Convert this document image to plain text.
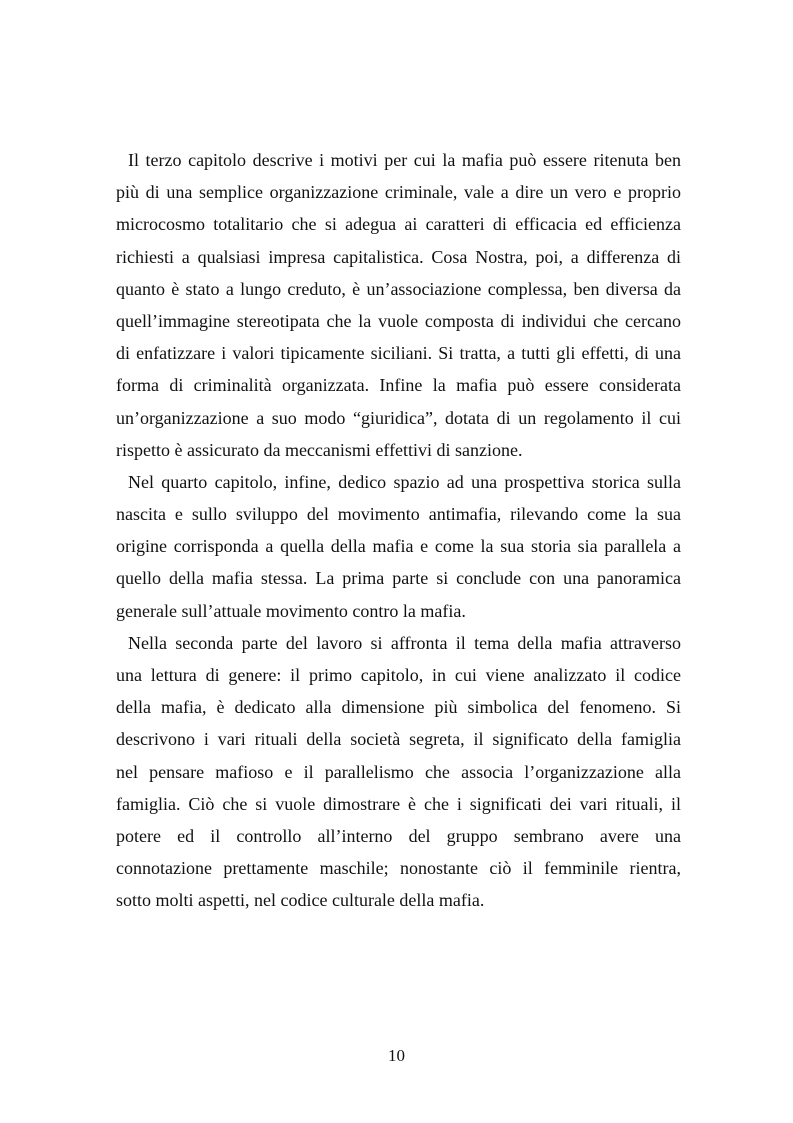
Il terzo capitolo descrive i motivi per cui la mafia può essere ritenuta ben
più di una semplice organizzazione criminale, vale a dire un vero e proprio
microcosmo totalitario che si adegua ai caratteri di efficacia ed efficienza
richiesti a qualsiasi impresa capitalistica. Cosa Nostra, poi, a differenza di
quanto è stato a lungo creduto, è un’associazione complessa, ben diversa da
quell’immagine stereotipata che la vuole composta di individui che cercano
di enfatizzare i valori tipicamente siciliani. Si tratta, a tutti gli effetti, di una
forma di criminalità organizzata. Infine la mafia può essere considerata
un’organizzazione a suo modo “giuridica”, dotata di un regolamento il cui
rispetto è assicurato da meccanismi effettivi di sanzione.

Nel quarto capitolo, infine, dedico spazio ad una prospettiva storica sulla
nascita e sullo sviluppo del movimento antimafia, rilevando come la sua
origine corrisponda a quella della mafia e come la sua storia sia parallela a
quello della mafia stessa. La prima parte si conclude con una panoramica
generale sull’attuale movimento contro la mafia.

Nella seconda parte del lavoro si affronta il tema della mafia attraverso
una lettura di genere: il primo capitolo, in cui viene analizzato il codice
della mafia, è dedicato alla dimensione più simbolica del fenomeno. Si
descrivono i vari rituali della società segreta, il significato della famiglia
nel pensare mafioso e il parallelismo che associa l’organizzazione alla
famiglia. Ciò che si vuole dimostrare è che i significati dei vari rituali, il
potere ed il controllo all’interno del gruppo sembrano avere una
connotazione prettamente maschile; nonostante ciò il femminile rientra,
sotto molti aspetti, nel codice culturale della mafia.

10
